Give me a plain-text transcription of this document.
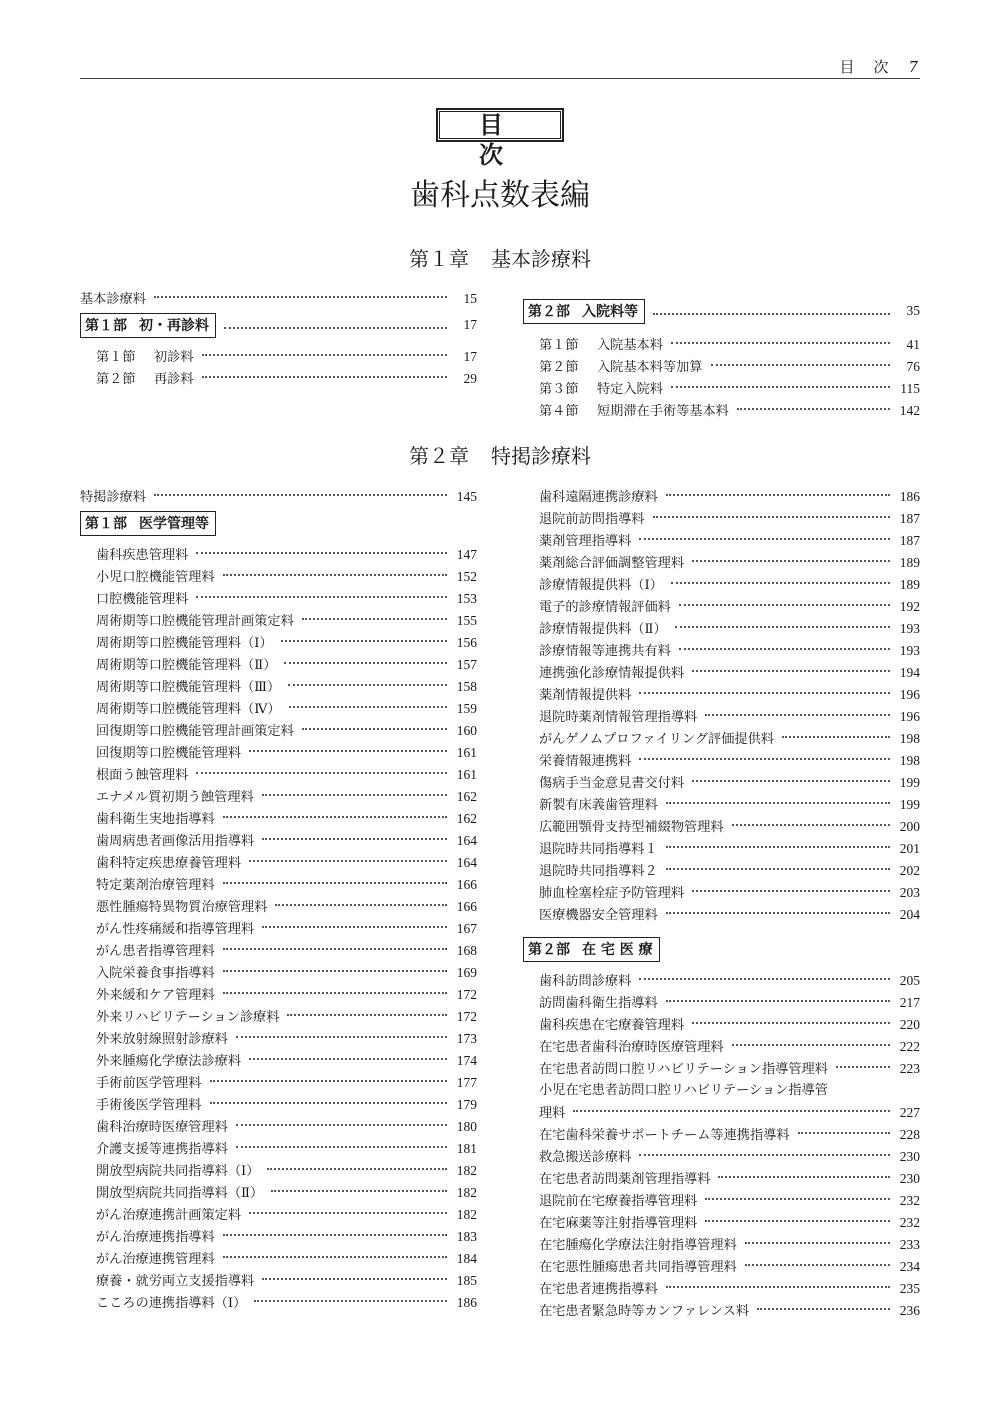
目　次 7
目　次
歯科点数表編
第１章 基本診療料
基本診療料	15
第１部 初・再診料	17
第１節 初診料	17
第２節 再診料	29
第２部 入院料等	35
第１節 入院基本料	41
第２節 入院基本料等加算	76
第３節 特定入院料	115
第４節 短期滞在手術等基本料	142
第２章 特掲診療料
特掲診療料	145
第１部 医学管理等
歯科疾患管理料	147
小児口腔機能管理料	152
口腔機能管理料	153
周術期等口腔機能管理計画策定料	155
周術期等口腔機能管理料（Ⅰ）	156
周術期等口腔機能管理料（Ⅱ）	157
周術期等口腔機能管理料（Ⅲ）	158
周術期等口腔機能管理料（Ⅳ）	159
回復期等口腔機能管理計画策定料	160
回復期等口腔機能管理料	161
根面う蝕管理料	161
エナメル質初期う蝕管理料	162
歯科衛生実地指導料	162
歯周病患者画像活用指導料	164
歯科特定疾患療養管理料	164
特定薬剤治療管理料	166
悪性腫瘍特異物質治療管理料	166
がん性疼痛緩和指導管理料	167
がん患者指導管理料	168
入院栄養食事指導料	169
外来緩和ケア管理料	172
外来リハビリテーション診療料	172
外来放射線照射診療料	173
外来腫瘍化学療法診療料	174
手術前医学管理料	177
手術後医学管理料	179
歯科治療時医療管理料	180
介護支援等連携指導料	181
開放型病院共同指導料（Ⅰ）	182
開放型病院共同指導料（Ⅱ）	182
がん治療連携計画策定料	182
がん治療連携指導料	183
がん治療連携管理料	184
療養・就労両立支援指導料	185
こころの連携指導料（Ⅰ）	186
歯科遠隔連携診療料	186
退院前訪問指導料	187
薬剤管理指導料	187
薬剤総合評価調整管理料	189
診療情報提供料（Ⅰ）	189
電子的診療情報評価料	192
診療情報提供料（Ⅱ）	193
診療情報等連携共有料	193
連携強化診療情報提供料	194
薬剤情報提供料	196
退院時薬剤情報管理指導料	196
がんゲノムプロファイリング評価提供料	198
栄養情報連携料	198
傷病手当金意見書交付料	199
新製有床義歯管理料	199
広範囲顎骨支持型補綴物管理料	200
退院時共同指導料１	201
退院時共同指導料２	202
肺血栓塞栓症予防管理料	203
医療機器安全管理料	204
第２部 在 宅 医 療
歯科訪問診療料	205
訪問歯科衛生指導料	217
歯科疾患在宅療養管理料	220
在宅患者歯科治療時医療管理料	222
在宅患者訪問口腔リハビリテーション指導管理料	223
小児在宅患者訪問口腔リハビリテーション指導管
理料	227
在宅歯科栄養サポートチーム等連携指導料	228
救急搬送診療料	230
在宅患者訪問薬剤管理指導料	230
退院前在宅療養指導管理料	232
在宅麻薬等注射指導管理料	232
在宅腫瘍化学療法注射指導管理料	233
在宅悪性腫瘍患者共同指導管理料	234
在宅患者連携指導料	235
在宅患者緊急時等カンファレンス料	236
